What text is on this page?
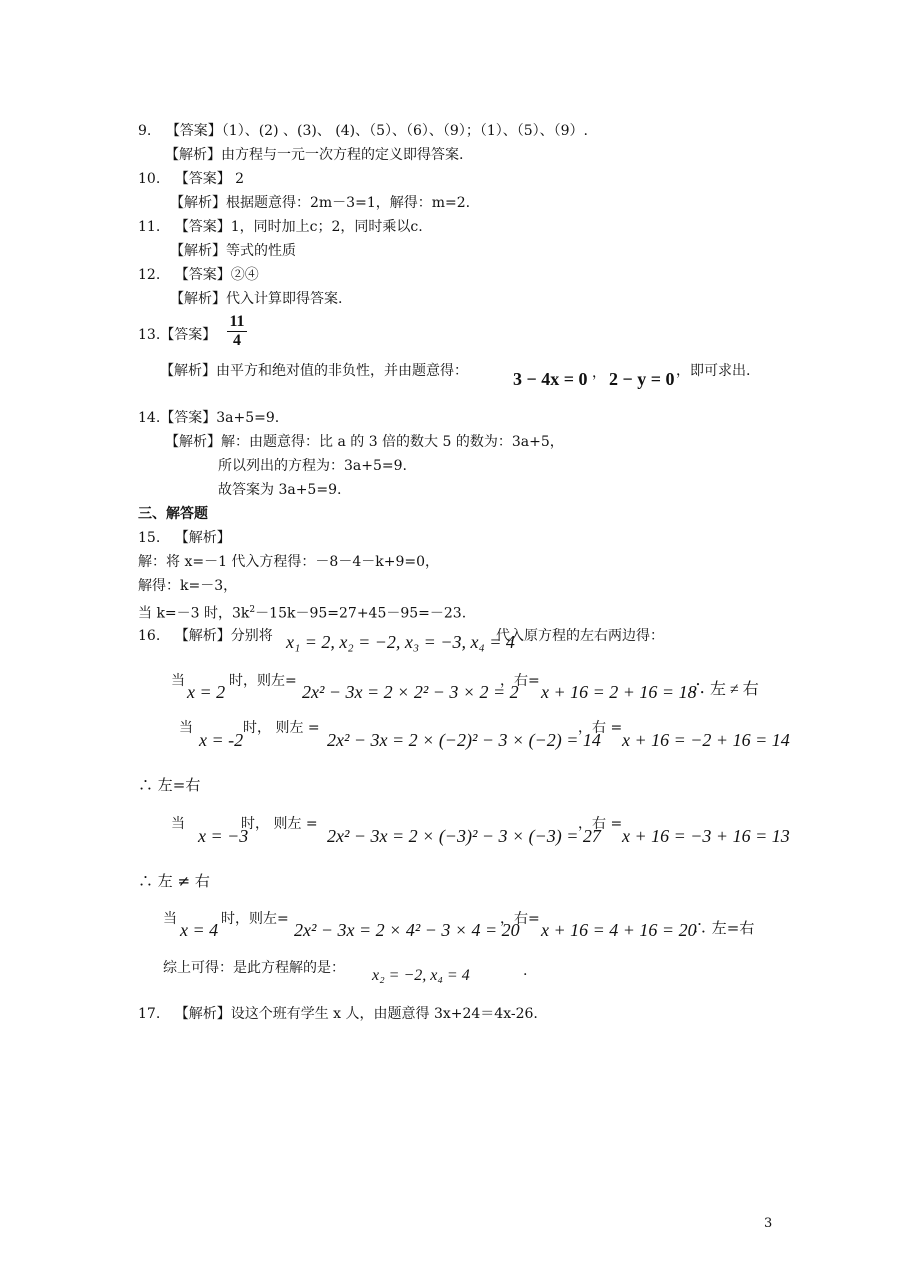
9. 【答案】（1）、(2) 、(3)、 (4)、（5）、（6）、（9）；（1）、（5）、（9）.
【解析】由方程与一元一次方程的定义即得答案.
10. 【答案】 2
【解析】根据题意得：2m－3=1，解得：m=2.
11. 【答案】1，同时加上c；2，同时乘以c.
【解析】等式的性质
12. 【答案】②④
【解析】代入计算即得答案.
13.【答案】
11
4
【解析】由平方和绝对值的非负性，并由题意得：	3 − 4x = 0 ， 2 − y = 0 ，即可求出.
14.【答案】3a+5=9.
【解析】解：由题意得：比 a 的 3 倍的数大 5 的数为：3a+5，
所以列出的方程为：3a+5=9.
故答案为 3a+5=9.
三、解答题
15. 【解析】
解：将 x=－1 代入方程得：－8－4－k+9=0，
解得：k=－3，
当 k=－3 时，$3k^2-15k-95=27+45-95=-23$.
16. 【解析】分别将 x₁ = 2, x₂ = −2, x₃ = −3, x₄ = 4
代入原方程的左右两边得：
当
x = 2
时，则左=
2x² − 3x = 2 × 2² − 3 × 2 = 2
，右=
x + 16 = 2 + 16 = 18
∴ 左 ≠ 右
当
x = -2
时， 则左 =
2x² − 3x = 2 × (−2)² − 3 × (−2) = 14
，右 =
x + 16 = −2 + 16 = 14
∴ 左=右
当
x = −3
时， 则左 =
2x² − 3x = 2 × (−3)² − 3 × (−3) = 27
，右 =
x + 16 = −3 + 16 = 13
∴ 左 ≠ 右
当
x = 4
时，则左=
2x² − 3x = 2 × 4² − 3 × 4 = 20
，右=
x + 16 = 4 + 16 = 20
∴ 左=右
综上可得：是此方程解的是： x₂ = −2, x₄ = 4	.
17. 【解析】设这个班有学生 x 人，由题意得 3x+24＝4x-26.
3
